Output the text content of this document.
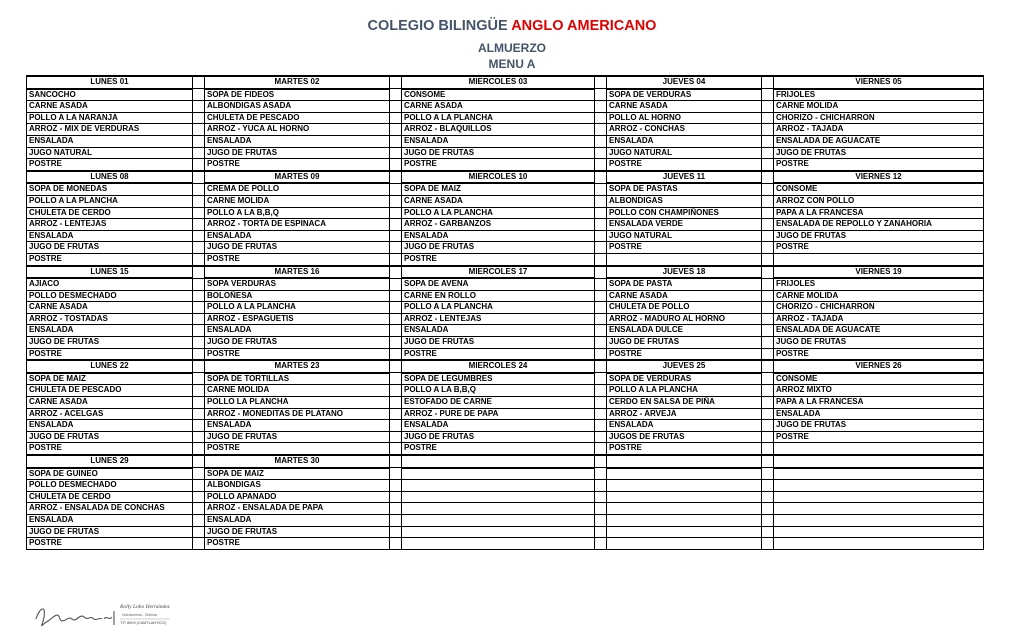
COLEGIO BILINGÜE ANGLO AMERICANO
ALMUERZO
MENU A
LUNES 01		MARTES 02		MIERCOLES 03		JUEVES 04		VIERNES 05
SANCOCHO		SOPA DE FIDEOS		CONSOME		SOPA DE VERDURAS		FRIJOLES
CARNE ASADA		ALBONDIGAS ASADA		CARNE ASADA		CARNE ASADA		CARNE MOLIDA
POLLO A LA NARANJA		CHULETA DE PESCADO		POLLO A LA PLANCHA		POLLO AL HORNO		CHORIZO - CHICHARRON
ARROZ - MIX DE VERDURAS		ARROZ - YUCA AL HORNO		ARROZ - BLAQUILLOS		ARROZ - CONCHAS		ARROZ - TAJADA
ENSALADA		ENSALADA		ENSALADA		ENSALADA		ENSALADA DE AGUACATE
JUGO NATURAL		JUGO DE FRUTAS		JUGO DE FRUTAS		JUGO NATURAL		JUGO DE FRUTAS
POSTRE		POSTRE		POSTRE		POSTRE		POSTRE
LUNES 08		MARTES 09		MIERCOLES 10		JUEVES 11		VIERNES 12
SOPA DE MONEDAS		CREMA DE POLLO		SOPA DE MAIZ		SOPA DE PASTAS		CONSOME
POLLO A LA PLANCHA		CARNE MOLIDA		CARNE ASADA		ALBONDIGAS		ARROZ CON POLLO
CHULETA DE CERDO		POLLO A LA B,B,Q		POLLO A LA PLANCHA		POLLO CON CHAMPIÑONES		PAPA A LA FRANCESA
ARROZ - LENTEJAS		ARROZ - TORTA DE ESPINACA		ARROZ - GARBANZOS		ENSALADA VERDE		ENSALADA DE REPOLLO Y ZANAHORIA
ENSALADA		ENSALADA		ENSALADA		JUGO NATURAL		JUGO DE FRUTAS
JUGO DE FRUTAS		JUGO DE FRUTAS		JUGO DE FRUTAS		POSTRE		POSTRE
POSTRE		POSTRE		POSTRE				
LUNES 15		MARTES 16		MIERCOLES 17		JUEVES 18		VIERNES 19
AJIACO		SOPA VERDURAS		SOPA DE AVENA		SOPA DE PASTA		FRIJOLES
POLLO DESMECHADO		BOLOÑESA		CARNE EN ROLLO		CARNE ASADA		CARNE MOLIDA
CARNE ASADA		POLLO A LA PLANCHA		POLLO A LA PLANCHA		CHULETA DE POLLO		CHORIZO - CHICHARRON
ARROZ - TOSTADAS		ARROZ - ESPAGUETIS		ARROZ - LENTEJAS		ARROZ - MADURO AL HORNO		ARROZ - TAJADA
ENSALADA		ENSALADA		ENSALADA		ENSALADA DULCE		ENSALADA DE AGUACATE
JUGO DE FRUTAS		JUGO DE FRUTAS		JUGO DE FRUTAS		JUGO DE FRUTAS		JUGO DE FRUTAS
POSTRE		POSTRE		POSTRE		POSTRE		POSTRE
LUNES 22		MARTES 23		MIERCOLES 24		JUEVES 25		VIERNES 26
SOPA DE MAIZ		SOPA DE TORTILLAS		SOPA DE LEGUMBRES		SOPA DE VERDURAS		CONSOME
CHULETA DE PESCADO		CARNE MOLIDA		POLLO A LA B,B,Q		POLLO A LA PLANCHA		ARROZ MIXTO
CARNE ASADA		POLLO LA PLANCHA		ESTOFADO DE CARNE		CERDO EN SALSA DE PIÑA		PAPA A LA FRANCESA
ARROZ - ACELGAS		ARROZ - MONEDITAS DE PLATANO		ARROZ - PURE DE PAPA		ARROZ - ARVEJA		ENSALADA
ENSALADA		ENSALADA		ENSALADA		ENSALADA		JUGO DE FRUTAS
JUGO DE FRUTAS		JUGO DE FRUTAS		JUGO DE FRUTAS		JUGOS DE FRUTAS		POSTRE
POSTRE		POSTRE		POSTRE		POSTRE		
LUNES 29		MARTES 30						
SOPA DE GUINEO		SOPA DE MAIZ						
POLLO DESMECHADO		ALBONDIGAS						
CHULETA DE CERDO		POLLO APANADO						
ARROZ - ENSALADA DE CONCHAS		ARROZ - ENSALADA DE PAPA						
ENSALADA		ENSALADA						
JUGO DE FRUTAS		JUGO DE FRUTAS						
POSTRE		POSTRE						
Rolly Lobo Hernández
Nutricionista - Dietista
T.P. 8509 (CAMTLANTICO)
